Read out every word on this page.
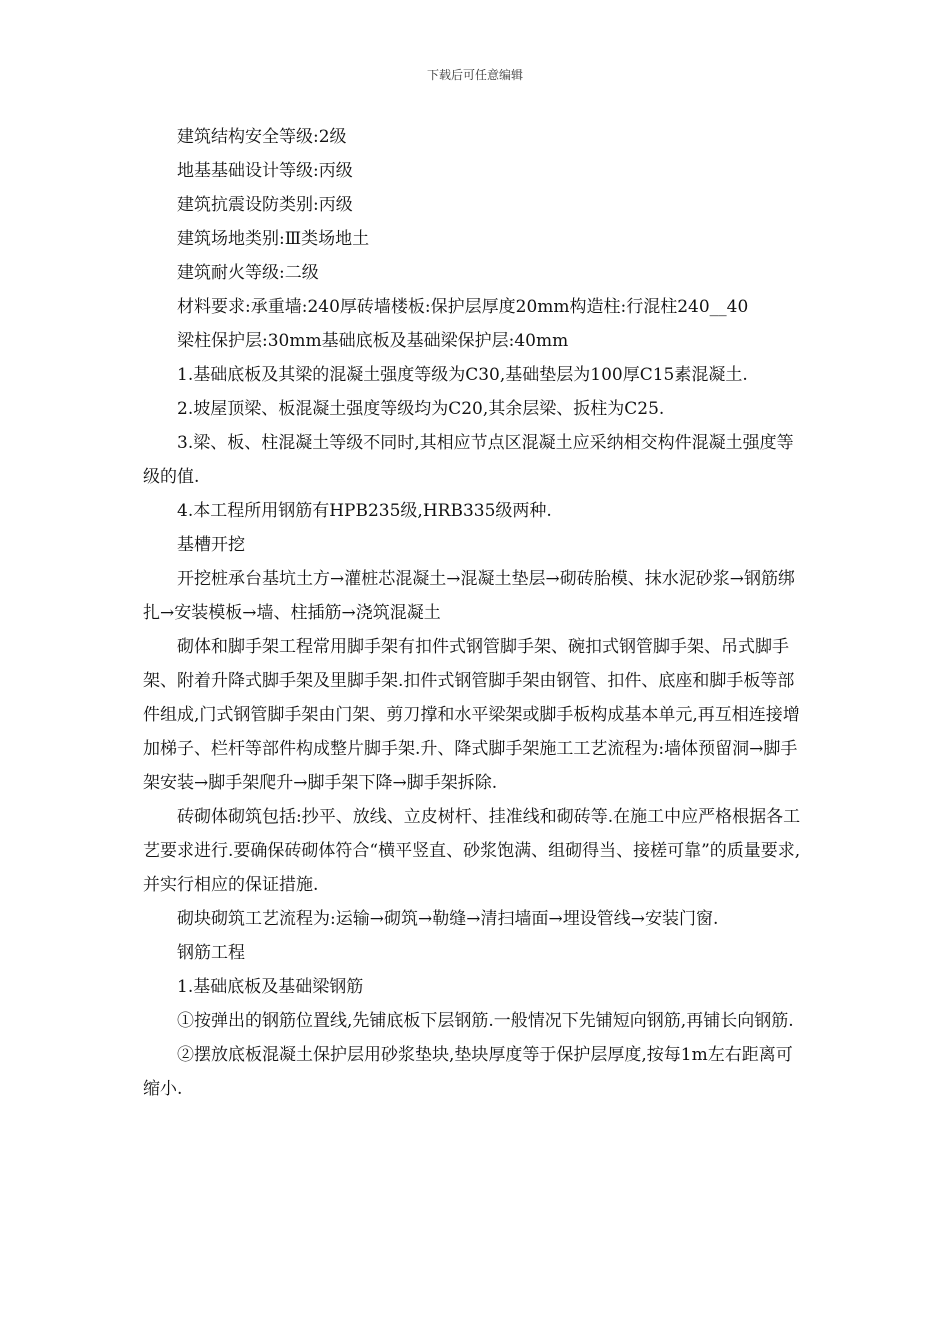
下载后可任意编辑

建筑结构安全等级:2级

地基基础设计等级:丙级

建筑抗震设防类别:丙级

建筑场地类别:Ⅲ类场地土

建筑耐火等级:二级

材料要求:承重墙:240厚砖墙楼板:保护层厚度20mm构造柱:行混柱240__40

梁柱保护层:30mm基础底板及基础梁保护层:40mm

1.基础底板及其梁的混凝土强度等级为C30,基础垫层为100厚C15素混凝土.

2.坡屋顶梁、板混凝土强度等级均为C20,其余层梁、扳柱为C25.

3.梁、板、柱混凝土等级不同时,其相应节点区混凝土应采纳相交构件混凝土强度等级的值.

4.本工程所用钢筋有HPB235级,HRB335级两种.

基槽开挖

开挖桩承台基坑土方→灌桩芯混凝土→混凝土垫层→砌砖胎模、抹水泥砂浆→钢筋绑扎→安装模板→墙、柱插筋→浇筑混凝土

砌体和脚手架工程常用脚手架有扣件式钢管脚手架、碗扣式钢管脚手架、吊式脚手架、附着升降式脚手架及里脚手架.扣件式钢管脚手架由钢管、扣件、底座和脚手板等部件组成,门式钢管脚手架由门架、剪刀撑和水平梁架或脚手板构成基本单元,再互相连接增加梯子、栏杆等部件构成整片脚手架.升、降式脚手架施工工艺流程为:墙体预留洞→脚手架安装→脚手架爬升→脚手架下降→脚手架拆除.

砖砌体砌筑包括:抄平、放线、立皮树杆、挂准线和砌砖等.在施工中应严格根据各工艺要求进行.要确保砖砌体符合“横平竖直、砂浆饱满、组砌得当、接槎可靠”的质量要求,并实行相应的保证措施.

砌块砌筑工艺流程为:运输→砌筑→勒缝→清扫墙面→埋设管线→安装门窗.

钢筋工程

1.基础底板及基础梁钢筋

①按弹出的钢筋位置线,先铺底板下层钢筋.一般情况下先铺短向钢筋,再铺长向钢筋.

②摆放底板混凝土保护层用砂浆垫块,垫块厚度等于保护层厚度,按每1m左右距离可缩小.
